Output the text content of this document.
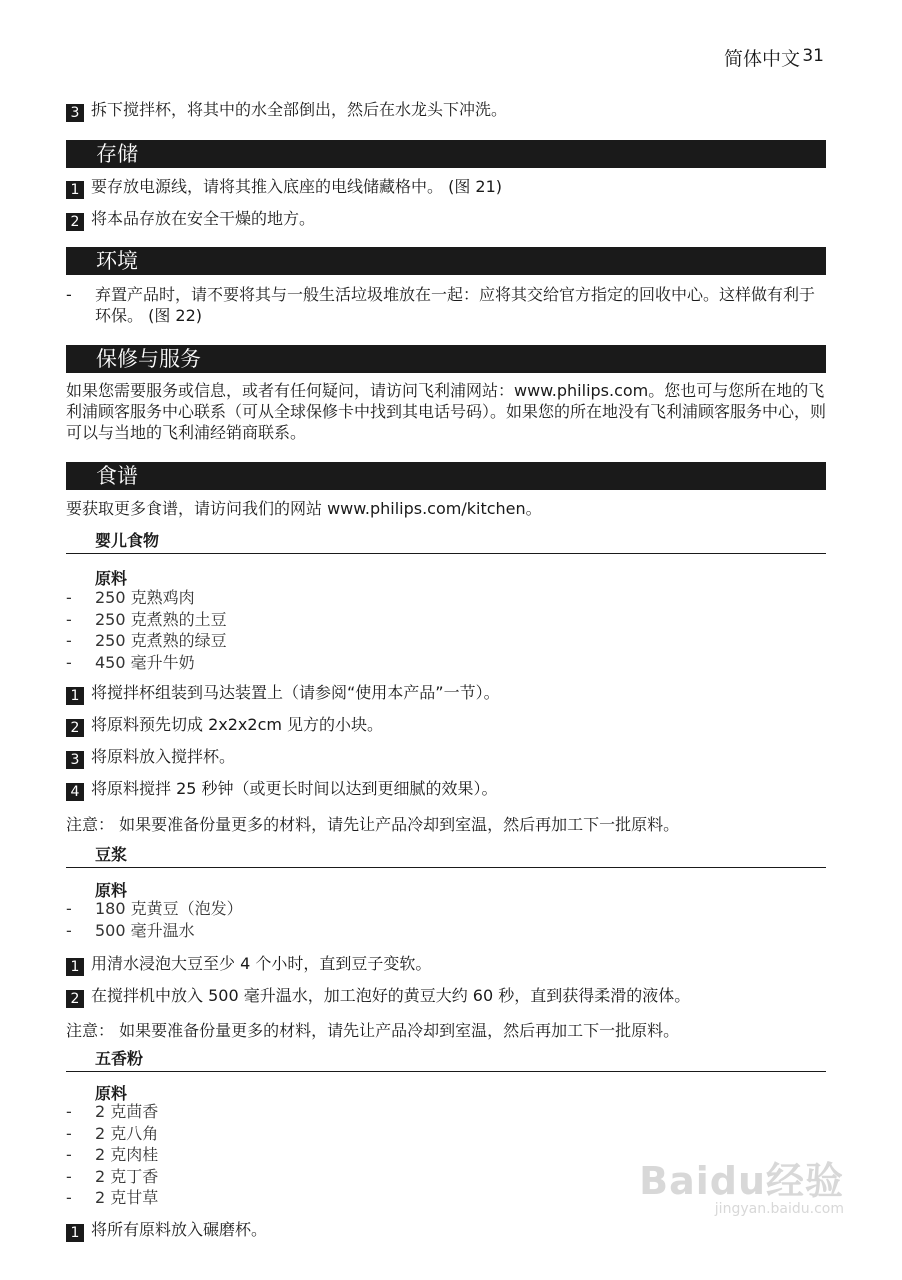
简体中文 31
3 拆下搅拌杯，将其中的水全部倒出，然后在水龙头下冲洗。
存储
1 要存放电源线，请将其推入底座的电线储藏格中。 (图 21)
2 将本品存放在安全干燥的地方。
环境
- 弃置产品时，请不要将其与一般生活垃圾堆放在一起：应将其交给官方指定的回收中心。这样做有利于环保。 (图 22)
保修与服务
如果您需要服务或信息，或者有任何疑问，请访问飞利浦网站：www.philips.com。您也可与您所在地的飞利浦顾客服务中心联系（可从全球保修卡中找到其电话号码）。如果您的所在地没有飞利浦顾客服务中心，则可以与当地的飞利浦经销商联系。
食谱
要获取更多食谱，请访问我们的网站 www.philips.com/kitchen。
婴儿食物
原料
- 250 克熟鸡肉
- 250 克煮熟的土豆
- 250 克煮熟的绿豆
- 450 毫升牛奶
1 将搅拌杯组装到马达装置上（请参阅“使用本产品”一节）。
2 将原料预先切成 2x2x2cm 见方的小块。
3 将原料放入搅拌杯。
4 将原料搅拌 25 秒钟（或更长时间以达到更细腻的效果）。
注意： 如果要准备份量更多的材料，请先让产品冷却到室温，然后再加工下一批原料。
豆浆
原料
- 180 克黄豆（泡发）
- 500 毫升温水
1 用清水浸泡大豆至少 4 个小时，直到豆子变软。
2 在搅拌机中放入 500 毫升温水，加工泡好的黄豆大约 60 秒，直到获得柔滑的液体。
注意： 如果要准备份量更多的材料，请先让产品冷却到室温，然后再加工下一批原料。
五香粉
原料
- 2 克茴香
- 2 克八角
- 2 克肉桂
- 2 克丁香
- 2 克甘草
1 将所有原料放入碾磨杯。
Baidu经验
jingyan.baidu.com
